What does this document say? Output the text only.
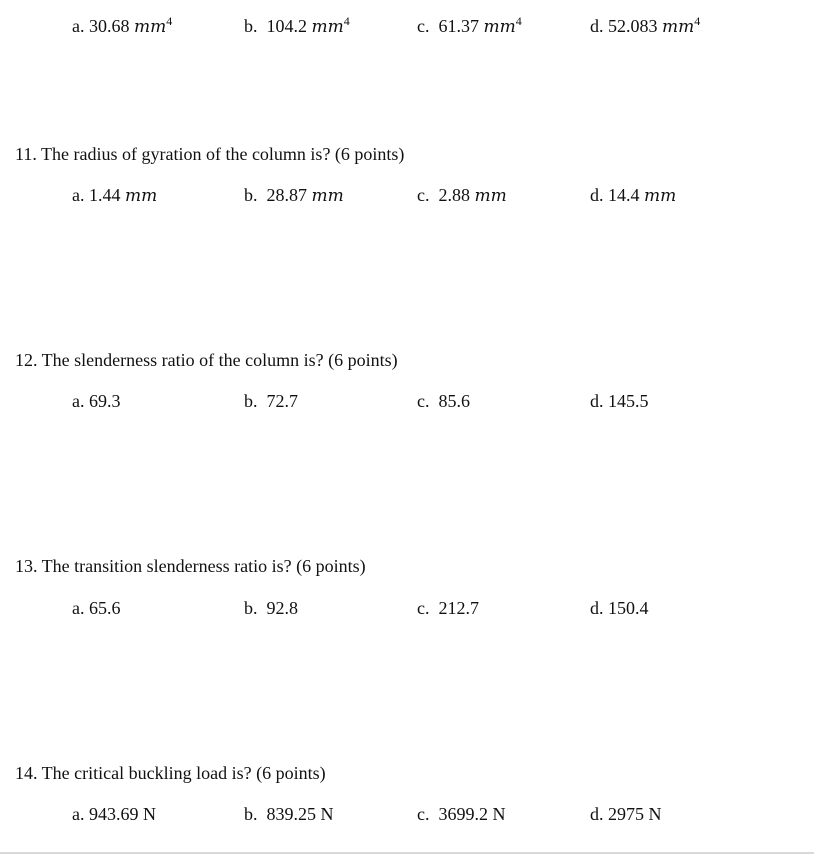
a. 30.68 $mm^4$	b. 104.2 $mm^4$	c. 61.37 $mm^4$	d. 52.083 $mm^4$
11. The radius of gyration of the column is? (6 points)
a. 1.44 mm	b. 28.87 mm	c. 2.88 mm	d. 14.4 mm
12. The slenderness ratio of the column is? (6 points)
a. 69.3	b. 72.7	c. 85.6	d. 145.5
13. The transition slenderness ratio is? (6 points)
a. 65.6	b. 92.8	c. 212.7	d. 150.4
14. The critical buckling load is? (6 points)
a. 943.69 N	b. 839.25 N	c. 3699.2 N	d. 2975 N
